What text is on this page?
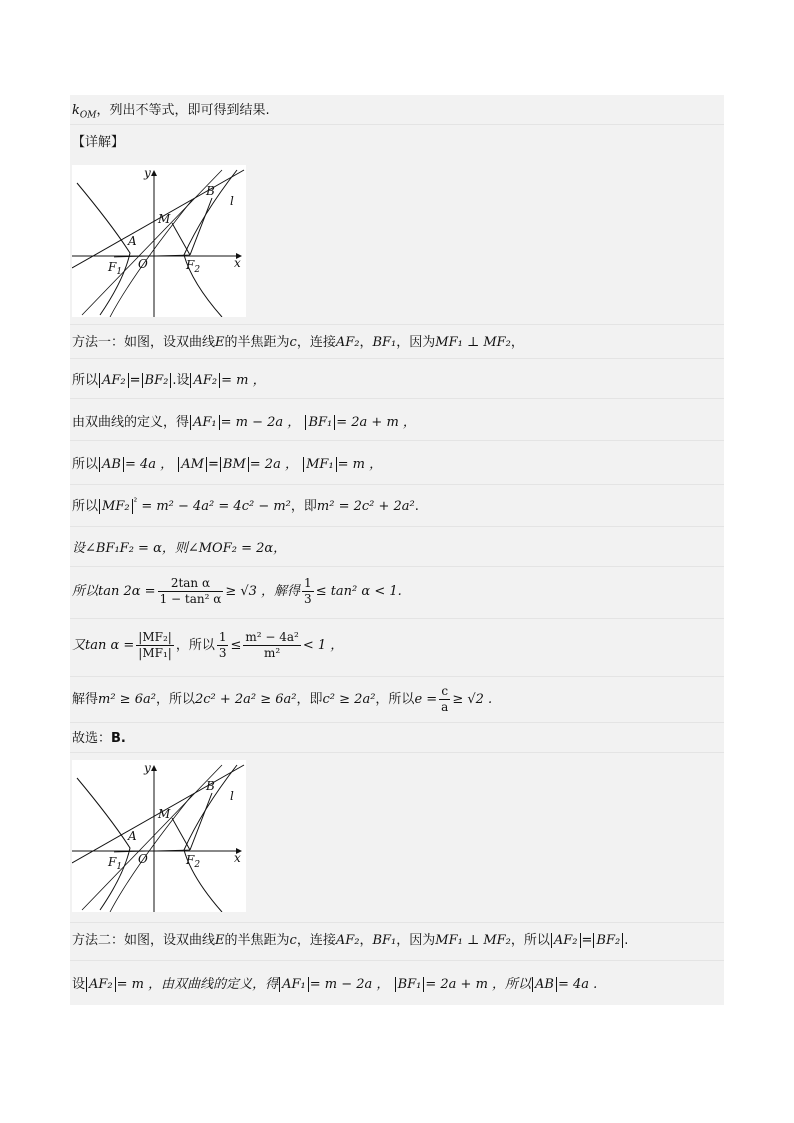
$k_{OM}$，列出不等式，即可得到结果.
【详解】
y
x
B
l
M
A
O
$F_1$	$F_2$
方法一：如图，设双曲线E的半焦距为c，连接AF₂，BF₁，因为MF₁ ⊥ MF₂，
所以 AF₂ = BF₂ .设 AF₂ = m ，
由双曲线的定义，得 AF₁ = m − 2a ， BF₁ = 2a + m ，
所以 AB = 4a ， AM = BM = 2a ， MF₁ = m ，
所以 MF₂ $^{^2}$ = m² − 4a² = 4c² − m²，即m² = 2c² + 2a².
设∠BF₁F₂ = α，则∠MOF₂ = 2α，
所以$\tan 2\alpha = \frac{\text{2tan α}}{\text{1 − tan² α}} \ge √3$ ，解得 $\frac{1}{3} \le \tan^2$ α < 1.
又$\tan \alpha = \frac{\text{|MF₂|}}{\text{|MF₁|}}$ ，所以 $\frac{1}{3} \le \frac{\text{m² − 4a²}}{\text{m²}} < 1$ ，
解得m² ≥ 6a²，所以2c² + 2a² ≥ 6a²，即c² ≥ 2a²，所以$e = \frac{c}{a} \ge √2$ .
故选：B.
y
x
B
l
M
A
O
$F_1$	$F_2$
方法二：如图，设双曲线E的半焦距为c，连接AF₂，BF₁，因为MF₁ ⊥ MF₂，所以 AF₂ = BF₂ .
设 AF₂ = m ，由双曲线的定义，得 AF₁ = m − 2a ， BF₁ = 2a + m ，所以 AB = 4a .
